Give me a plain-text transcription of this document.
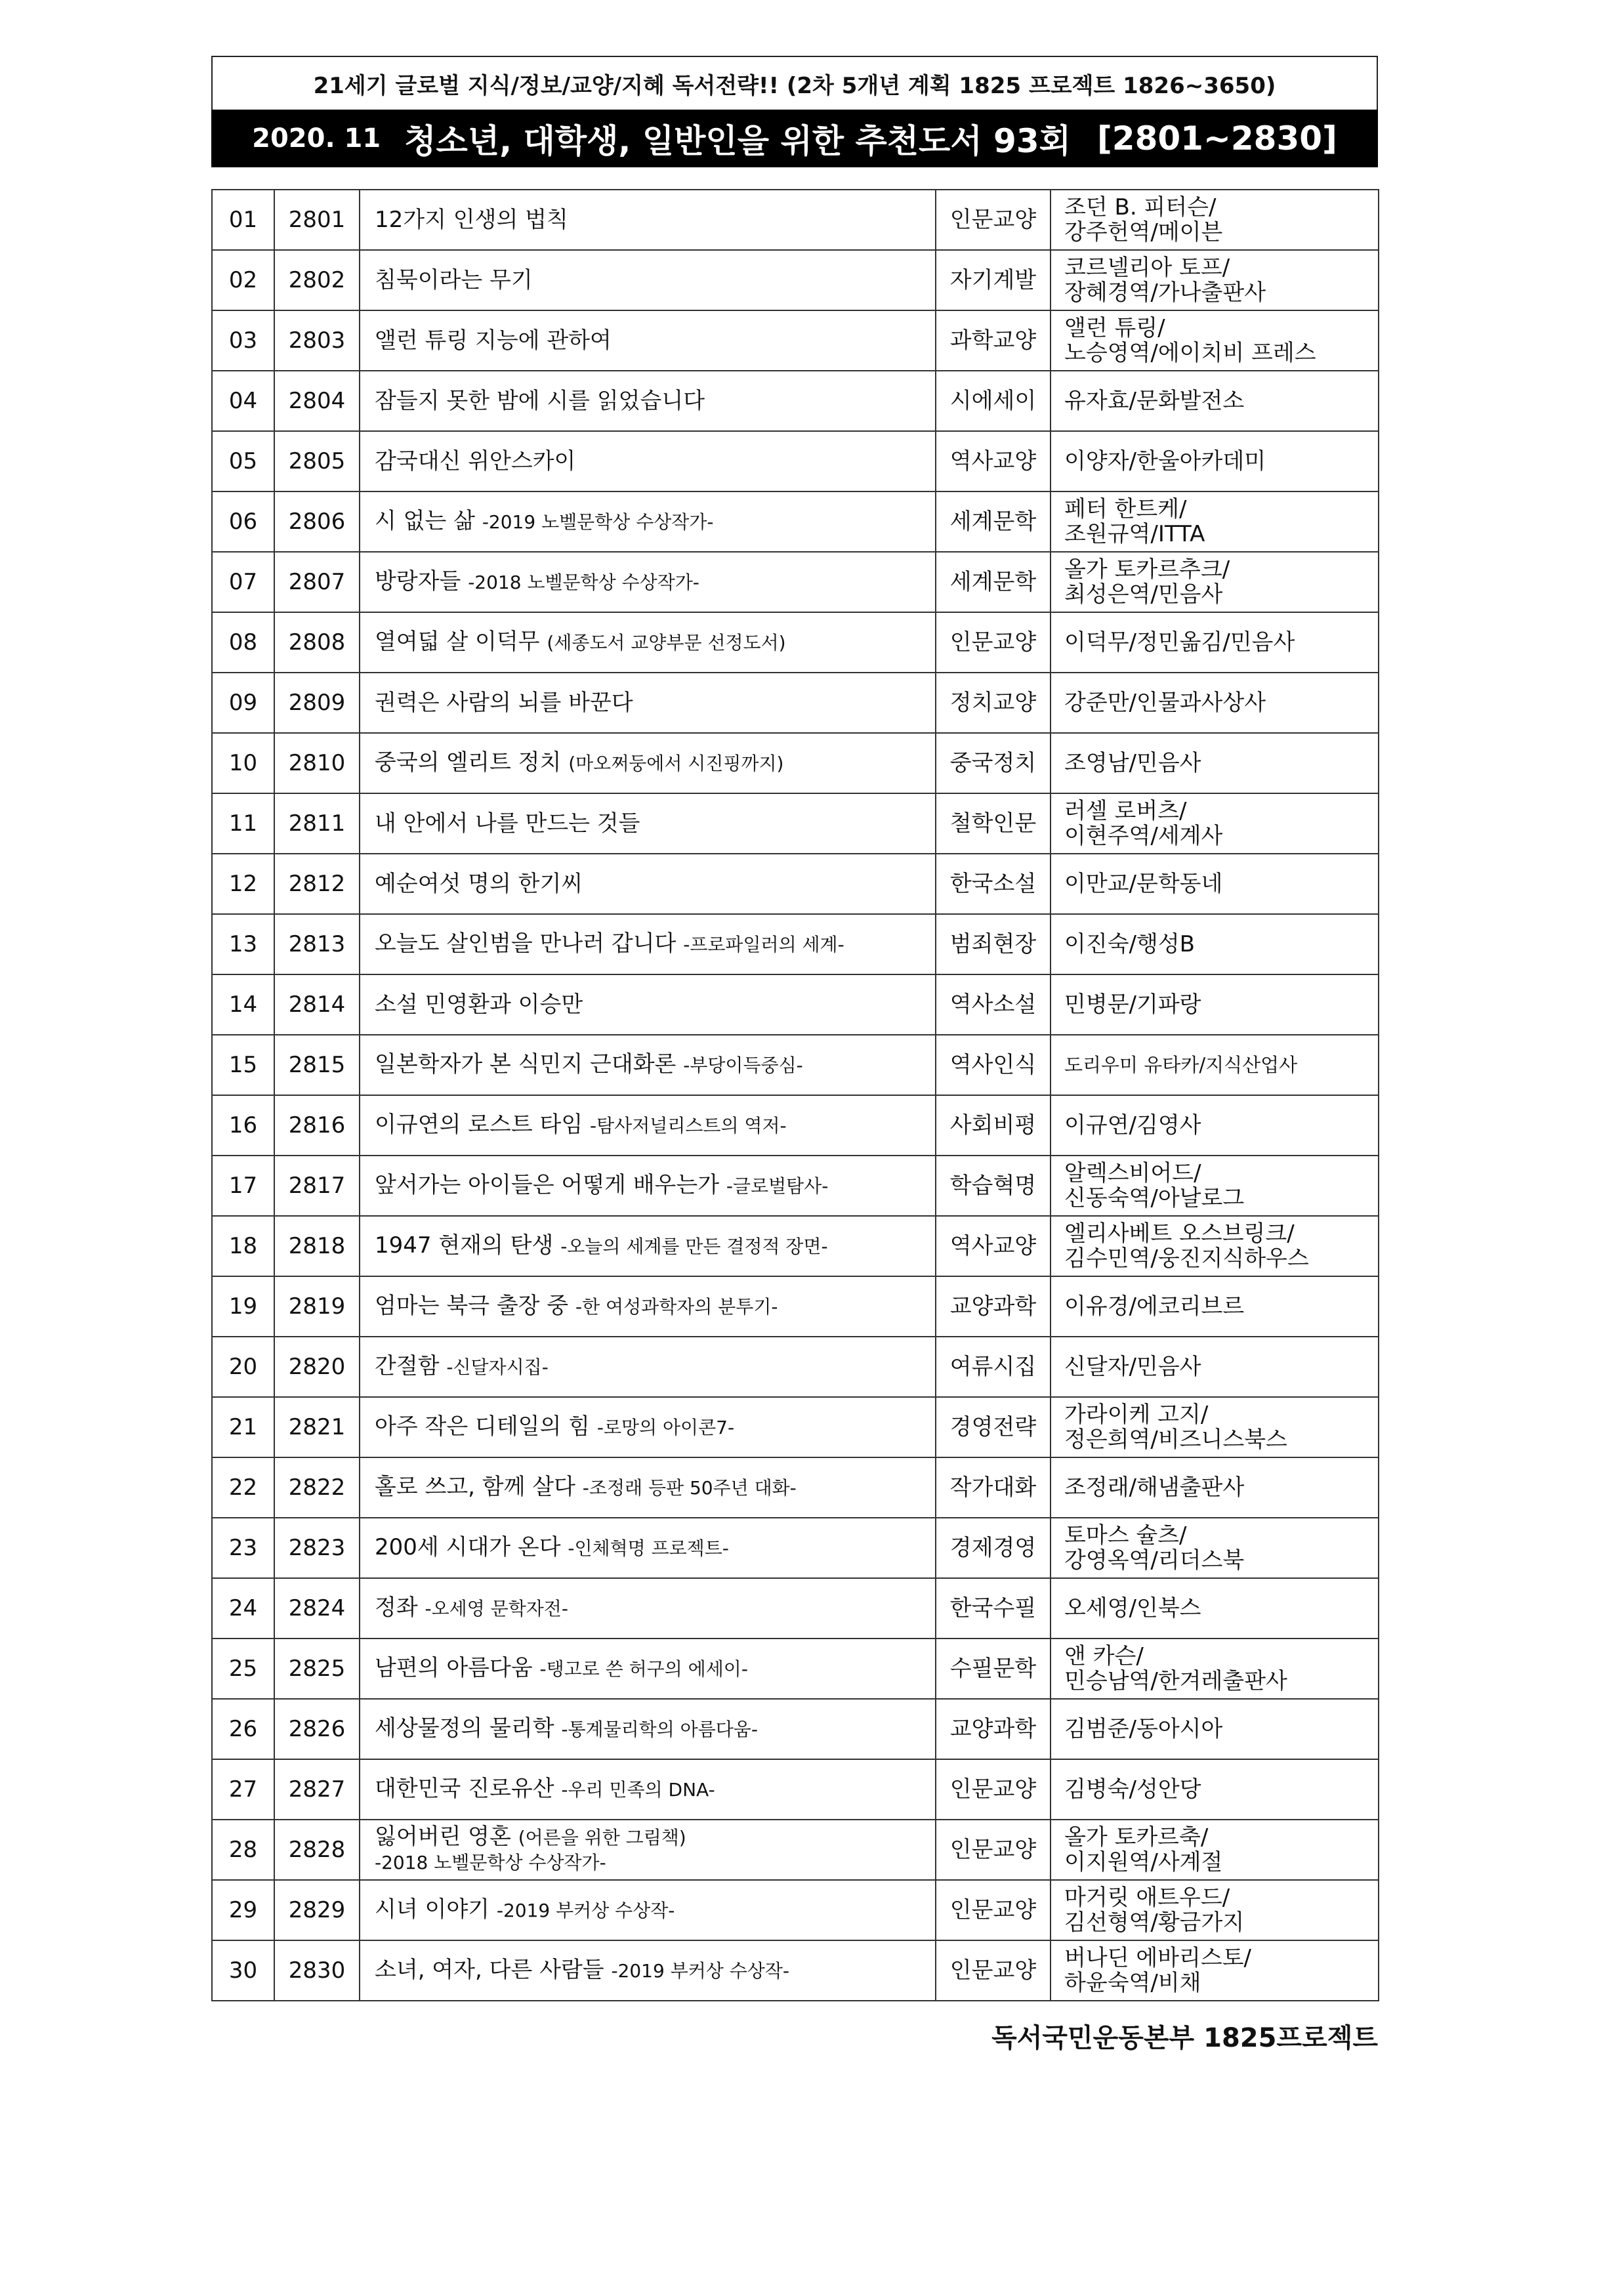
21세기 글로벌 지식/정보/교양/지혜 독서전략!! (2차 5개년 계획 1825 프로젝트 1826~3650)
2020. 11 청소년, 대학생, 일반인을 위한 추천도서 93회 [2801~2830]
01	2801	12가지 인생의 법칙	인문교양	조던 B. 피터슨/
강주헌역/메이븐

02	2802	침묵이라는 무기	자기계발	코르넬리아 토프/
장혜경역/가나출판사

03	2803	앨런 튜링 지능에 관하여	과학교양	앨런 튜링/
노승영역/에이치비 프레스

04	2804	잠들지 못한 밤에 시를 읽었습니다	시에세이	유자효/문화발전소

05	2805	감국대신 위안스카이	역사교양	이양자/한울아카데미

06	2806	시 없는 삶 -2019 노벨문학상 수상작가-	세계문학	페터 한트케/
조원규역/ITTA

07	2807	방랑자들 -2018 노벨문학상 수상작가-	세계문학	올가 토카르추크/
최성은역/민음사

08	2808	열여덟 살 이덕무 (세종도서 교양부문 선정도서)	인문교양	이덕무/정민옮김/민음사

09	2809	권력은 사람의 뇌를 바꾼다	정치교양	강준만/인물과사상사

10	2810	중국의 엘리트 정치 (마오쩌둥에서 시진핑까지)	중국정치	조영남/민음사

11	2811	내 안에서 나를 만드는 것들	철학인문	러셀 로버츠/
이현주역/세계사

12	2812	예순여섯 명의 한기씨	한국소설	이만교/문학동네

13	2813	오늘도 살인범을 만나러 갑니다 -프로파일러의 세계-	범죄현장	이진숙/행성B

14	2814	소설 민영환과 이승만	역사소설	민병문/기파랑

15	2815	일본학자가 본 식민지 근대화론 -부당이득중심-	역사인식	도리우미 유타카/지식산업사

16	2816	이규연의 로스트 타임 -탐사저널리스트의 역저-	사회비평	이규연/김영사

17	2817	앞서가는 아이들은 어떻게 배우는가 -글로벌탐사-	학습혁명	알렉스비어드/
신동숙역/아날로그

18	2818	1947 현재의 탄생 -오늘의 세계를 만든 결정적 장면-	역사교양	엘리사베트 오스브링크/
김수민역/웅진지식하우스

19	2819	엄마는 북극 출장 중 -한 여성과학자의 분투기-	교양과학	이유경/에코리브르

20	2820	간절함 -신달자시집-	여류시집	신달자/민음사

21	2821	아주 작은 디테일의 힘 -로망의 아이콘7-	경영전략	가라이케 고지/
정은희역/비즈니스북스

22	2822	홀로 쓰고, 함께 살다 -조정래 등판 50주년 대화-	작가대화	조정래/해냄출판사

23	2823	200세 시대가 온다 -인체혁명 프로젝트-	경제경영	토마스 슐츠/
강영옥역/리더스북

24	2824	정좌 -오세영 문학자전-	한국수필	오세영/인북스

25	2825	남편의 아름다움 -탱고로 쓴 허구의 에세이-	수필문학	앤 카슨/
민승남역/한겨레출판사

26	2826	세상물정의 물리학 -통계물리학의 아름다움-	교양과학	김범준/동아시아

27	2827	대한민국 진로유산 -우리 민족의 DNA-	인문교양	김병숙/성안당

28	2828	잃어버린 영혼 (어른을 위한 그림책)
-2018 노벨문학상 수상작가-	인문교양	올가 토카르축/
이지원역/사계절

29	2829	시녀 이야기 -2019 부커상 수상작-	인문교양	마거릿 애트우드/
김선형역/황금가지

30	2830	소녀, 여자, 다른 사람들 -2019 부커상 수상작-	인문교양	버나딘 에바리스토/
하윤숙역/비채
독서국민운동본부 1825프로젝트
